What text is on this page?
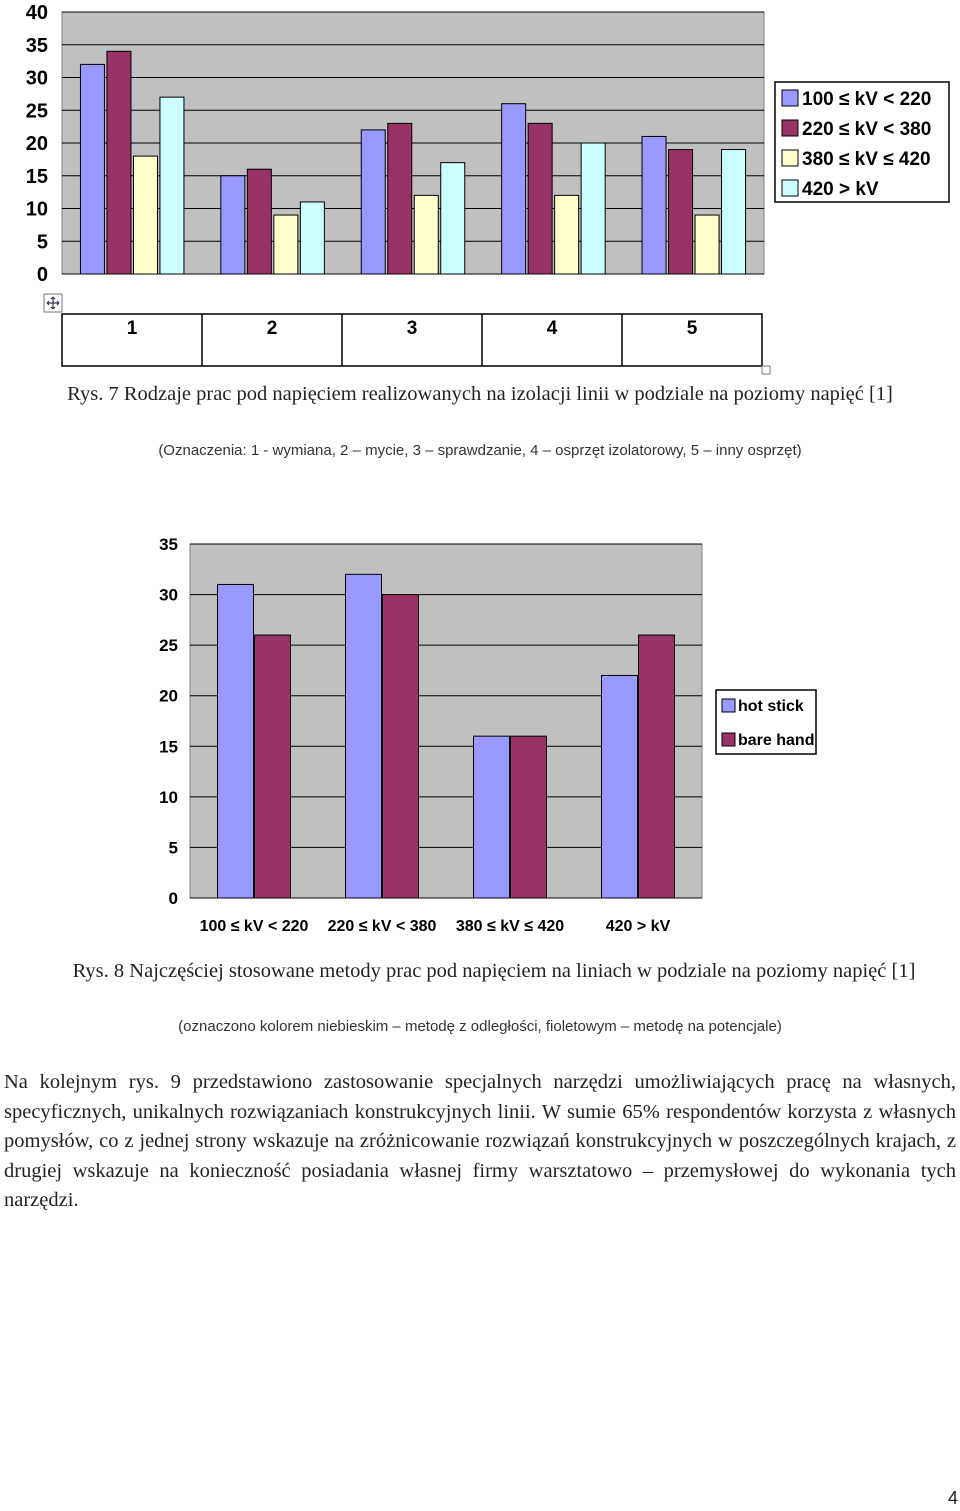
0
5
10
15
20
25
30
35
40
1	2	3	4	5
100 ≤ kV < 220
220 ≤ kV < 380
380 ≤ kV ≤ 420
420 > kV
Rys. 7 Rodzaje prac pod napięciem realizowanych na izolacji linii w podziale na poziomy napięć [1]
(Oznaczenia: 1 - wymiana, 2 – mycie, 3 – sprawdzanie, 4 – osprzęt izolatorowy, 5 – inny osprzęt)
0
5
10
15
20
25
30
35
100 ≤ kV < 220 220 ≤ kV < 380 380 ≤ kV ≤ 420	420 > kV
hot stick
bare hand
Rys. 8 Najczęściej stosowane metody prac pod napięciem na liniach w podziale na poziomy napięć [1]
(oznaczono kolorem niebieskim – metodę z odległości, fioletowym – metodę na potencjale)

Na kolejnym rys. 9 przedstawiono zastosowanie specjalnych narzędzi umożliwiających pracę na własnych, specyficznych, unikalnych rozwiązaniach konstrukcyjnych linii. W sumie 65% respondentów korzysta z własnych pomysłów, co z jednej strony wskazuje na zróżnicowanie rozwiązań konstrukcyjnych w poszczególnych krajach, z drugiej wskazuje na konieczność posiadania własnej firmy warsztatowo – przemysłowej do wykonania tych narzędzi.

4
